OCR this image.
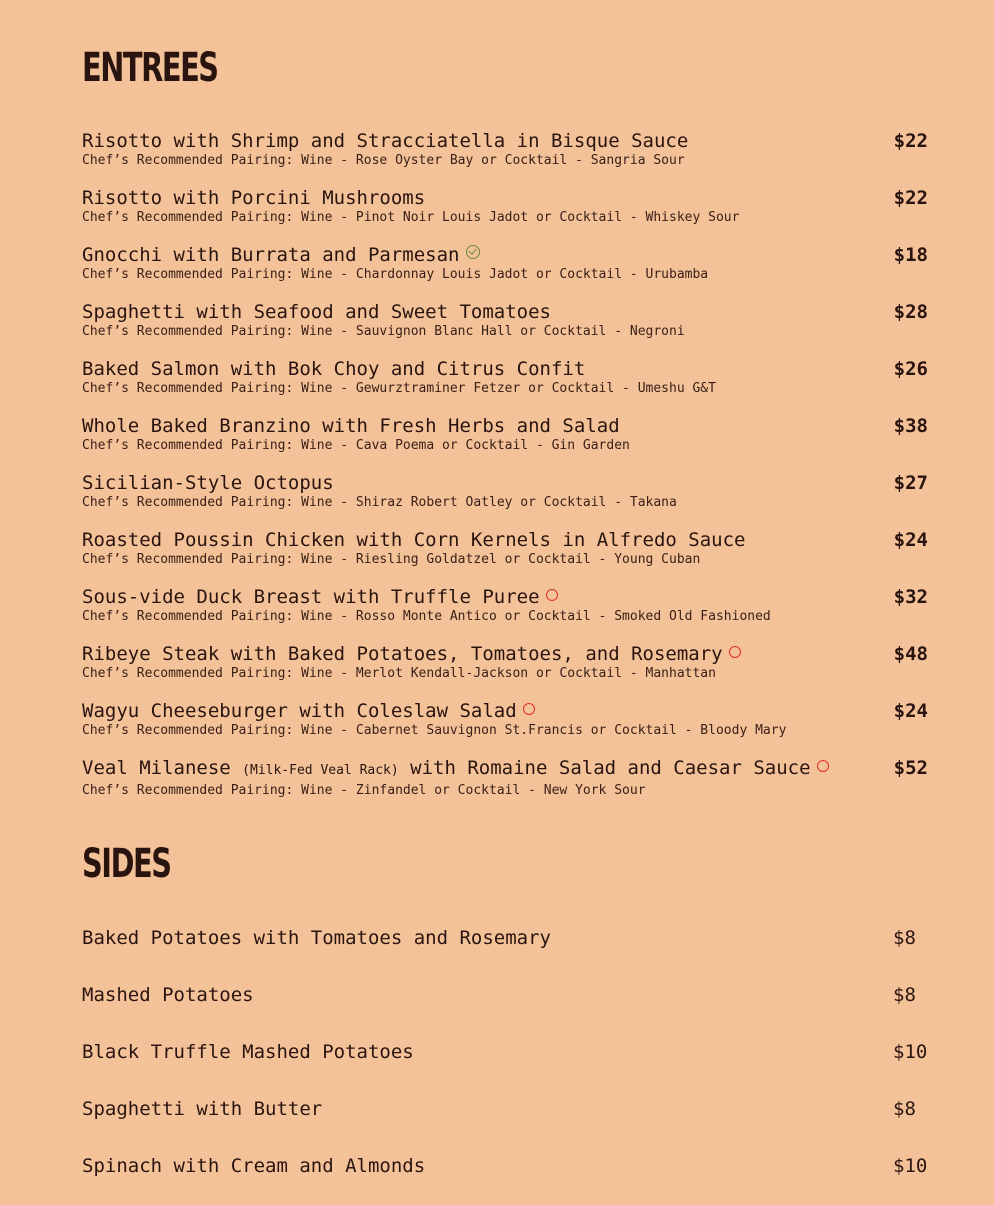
ENTREES
Risotto with Shrimp and Stracciatella in Bisque Sauce
Chef’s Recommended Pairing: Wine - Rose Oyster Bay or Cocktail - Sangria Sour
$22
Risotto with Porcini Mushrooms
Chef’s Recommended Pairing: Wine - Pinot Noir Louis Jadot or Cocktail - Whiskey Sour
$22
Gnocchi with Burrata and Parmesan
Chef’s Recommended Pairing: Wine - Chardonnay Louis Jadot or Cocktail - Urubamba
$18
Spaghetti with Seafood and Sweet Tomatoes
Chef’s Recommended Pairing: Wine - Sauvignon Blanc Hall or Cocktail - Negroni
$28
Baked Salmon with Bok Choy and Citrus Confit
Chef’s Recommended Pairing: Wine - Gewurztraminer Fetzer or Cocktail - Umeshu G&T
$26
Whole Baked Branzino with Fresh Herbs and Salad
Chef’s Recommended Pairing: Wine - Cava Poema or Cocktail - Gin Garden
$38
Sicilian-Style Octopus
Chef’s Recommended Pairing: Wine - Shiraz Robert Oatley or Cocktail - Takana
$27
Roasted Poussin Chicken with Corn Kernels in Alfredo Sauce
Chef’s Recommended Pairing: Wine - Riesling Goldatzel or Cocktail - Young Cuban
$24
Sous-vide Duck Breast with Truffle Puree
Chef’s Recommended Pairing: Wine - Rosso Monte Antico or Cocktail - Smoked Old Fashioned
$32
Ribeye Steak with Baked Potatoes, Tomatoes, and Rosemary
Chef’s Recommended Pairing: Wine - Merlot Kendall-Jackson or Cocktail - Manhattan
$48
Wagyu Cheeseburger with Coleslaw Salad
Chef’s Recommended Pairing: Wine - Cabernet Sauvignon St.Francis or Cocktail - Bloody Mary
$24
Veal Milanese (Milk-Fed Veal Rack) with Romaine Salad and Caesar Sauce
Chef’s Recommended Pairing: Wine - Zinfandel or Cocktail - New York Sour
$52
SIDES
Baked Potatoes with Tomatoes and Rosemary	$8
Mashed Potatoes	$8
Black Truffle Mashed Potatoes	$10
Spaghetti with Butter	$8
Spinach with Cream and Almonds	$10
